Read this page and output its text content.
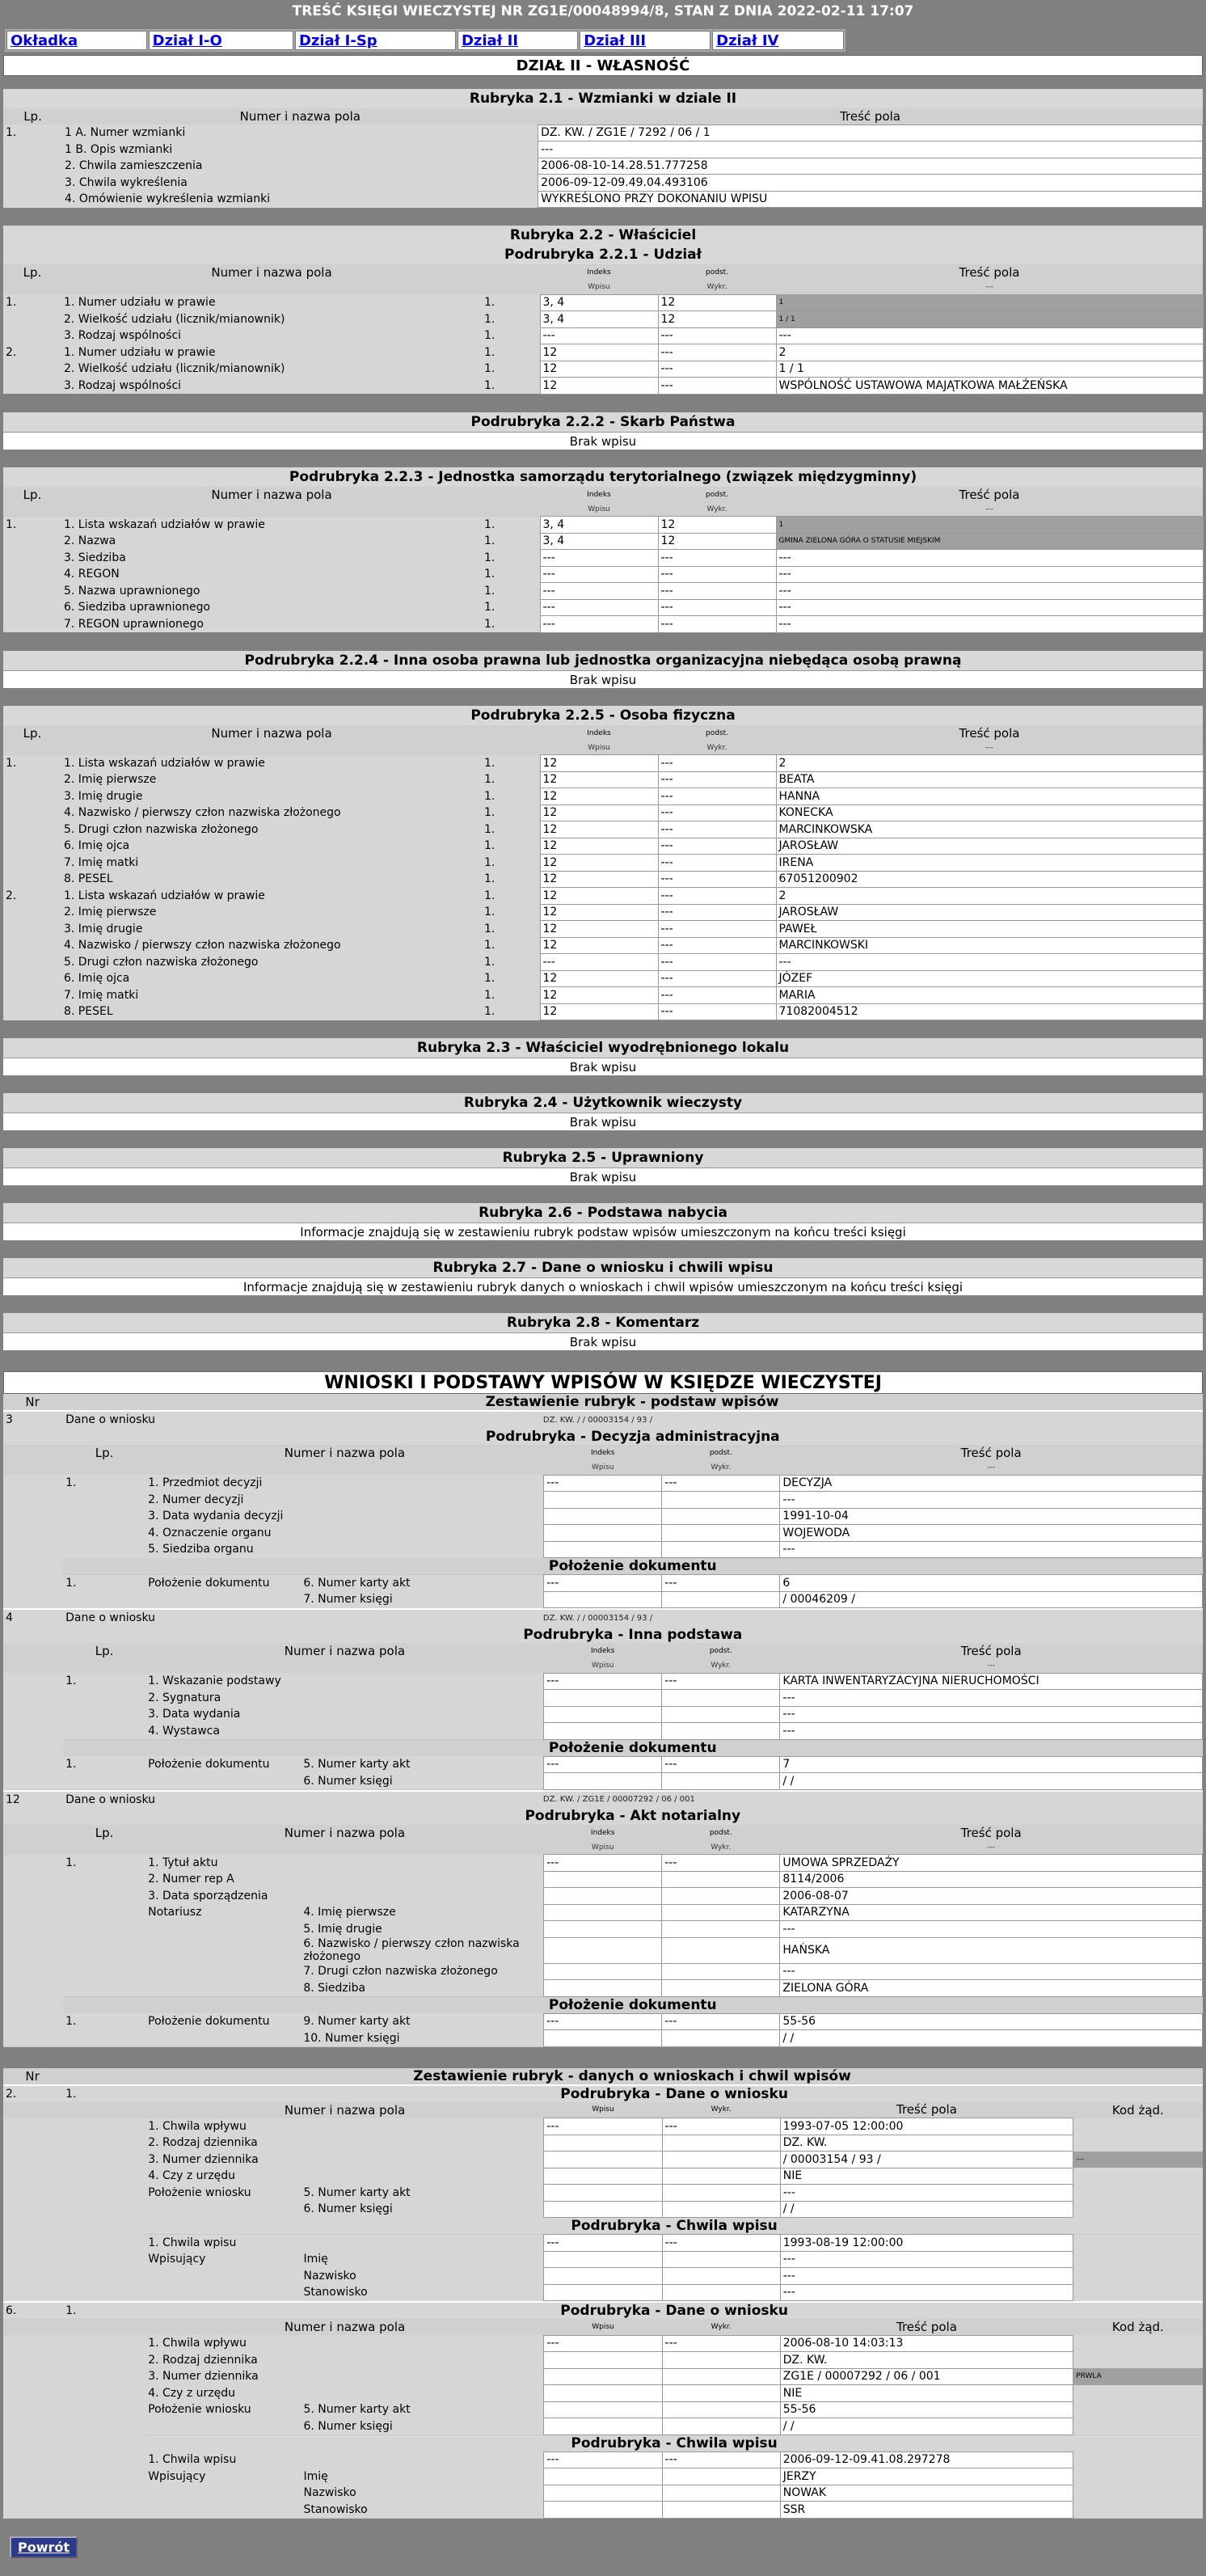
TREŚĆ KSIĘGI WIECZYSTEJ NR ZG1E/00048994/8, STAN Z DNIA 2022-02-11 17:07
Okładka	Dział I-O	Dział I-Sp	Dział II	Dział III	Dział IV
DZIAŁ II - WŁASNOŚĆ
Rubryka 2.1 - Wzmianki w dziale II
Lp.	Numer i nazwa pola	Treść pola
1.	1 A. Numer wzmianki	DZ. KW. / ZG1E / 7292 / 06 / 1
	1 B. Opis wzmianki	---
	2. Chwila zamieszczenia	2006-08-10-14.28.51.777258
	3. Chwila wykreślenia	2006-09-12-09.49.04.493106
	4. Omówienie wykreślenia wzmianki	WYKREŚLONO PRZY DOKONANIU WPISU
Rubryka 2.2 - Właściciel
Podrubryka 2.2.1 - Udział
Lp.	Numer i nazwa pola		Indeks	podst.	Treść pola
			Wpisu	Wykr.	---
1.	1. Numer udziału w prawie	1.	3, 4	12	1
	2. Wielkość udziału (licznik/mianownik)	1.	3, 4	12	1 / 1
	3. Rodzaj wspólności	1.	---	---	---
2.	1. Numer udziału w prawie	1.	12	---	2
	2. Wielkość udziału (licznik/mianownik)	1.	12	---	1 / 1
	3. Rodzaj wspólności	1.	12	---	WSPÓLNOŚĆ USTAWOWA MAJĄTKOWA MAŁŻEŃSKA
Podrubryka 2.2.2 - Skarb Państwa
Brak wpisu
Podrubryka 2.2.3 - Jednostka samorządu terytorialnego (związek międzygminny)
Lp.	Numer i nazwa pola		Indeks	podst.	Treść pola
			Wpisu	Wykr.	---
1.	1. Lista wskazań udziałów w prawie	1.	3, 4	12	1
	2. Nazwa	1.	3, 4	12	GMINA ZIELONA GÓRA O STATUSIE MIEJSKIM
	3. Siedziba	1.	---	---	---
	4. REGON	1.	---	---	---
	5. Nazwa uprawnionego	1.	---	---	---
	6. Siedziba uprawnionego	1.	---	---	---
	7. REGON uprawnionego	1.	---	---	---
Podrubryka 2.2.4 - Inna osoba prawna lub jednostka organizacyjna niebędąca osobą prawną
Brak wpisu
Podrubryka 2.2.5 - Osoba fizyczna
Lp.	Numer i nazwa pola		Indeks	podst.	Treść pola
			Wpisu	Wykr.	---
1.	1. Lista wskazań udziałów w prawie	1.	12	---	2
	2. Imię pierwsze	1.	12	---	BEATA
	3. Imię drugie	1.	12	---	HANNA
	4. Nazwisko / pierwszy człon nazwiska złożonego	1.	12	---	KONECKA
	5. Drugi człon nazwiska złożonego	1.	12	---	MARCINKOWSKA
	6. Imię ojca	1.	12	---	JAROSŁAW
	7. Imię matki	1.	12	---	IRENA
	8. PESEL	1.	12	---	67051200902
2.	1. Lista wskazań udziałów w prawie	1.	12	---	2
	2. Imię pierwsze	1.	12	---	JAROSŁAW
	3. Imię drugie	1.	12	---	PAWEŁ
	4. Nazwisko / pierwszy człon nazwiska złożonego	1.	12	---	MARCINKOWSKI
	5. Drugi człon nazwiska złożonego	1.	---	---	---
	6. Imię ojca	1.	12	---	JÓZEF
	7. Imię matki	1.	12	---	MARIA
	8. PESEL	1.	12	---	71082004512
Rubryka 2.3 - Właściciel wyodrębnionego lokalu
Brak wpisu
Rubryka 2.4 - Użytkownik wieczysty
Brak wpisu
Rubryka 2.5 - Uprawniony
Brak wpisu
Rubryka 2.6 - Podstawa nabycia
Informacje znajdują się w zestawieniu rubryk podstaw wpisów umieszczonym na końcu treści księgi
Rubryka 2.7 - Dane o wniosku i chwili wpisu
Informacje znajdują się w zestawieniu rubryk danych o wnioskach i chwil wpisów umieszczonym na końcu treści księgi
Rubryka 2.8 - Komentarz
Brak wpisu
WNIOSKI I PODSTAWY WPISÓW W KSIĘDZE WIECZYSTEJ
Nr	Zestawienie rubryk - podstaw wpisów
3	Dane o wniosku	DZ. KW. / / 00003154 / 93 /
	Podrubryka - Decyzja administracyjna					
	Lp.	Numer i nazwa pola		Indeks	podst.	Treść pola
				Wpisu	Wykr.	---
	1.	1. Przedmiot decyzji		---	---	DECYZJA
		2. Numer decyzji				---
		3. Data wydania decyzji				1991-10-04
		4. Oznaczenie organu				WOJEWODA
		5. Siedziba organu				---
	Położenie dokumentu					
	1.	Położenie dokumentu	6. Numer karty akt	---	---	6
			7. Numer księgi			/ 00046209 /
4	Dane o wniosku	DZ. KW. / / 00003154 / 93 /
	Podrubryka - Inna podstawa					
	Lp.	Numer i nazwa pola		Indeks	podst.	Treść pola
				Wpisu	Wykr.	---
	1.	1. Wskazanie podstawy		---	---	KARTA INWENTARYZACYJNA NIERUCHOMOŚCI
		2. Sygnatura				---
		3. Data wydania				---
		4. Wystawca				---
	Położenie dokumentu					
	1.	Położenie dokumentu	5. Numer karty akt	---	---	7
			6. Numer księgi			/ /
12	Dane o wniosku	DZ. KW. / ZG1E / 00007292 / 06 / 001
	Podrubryka - Akt notarialny					
	Lp.	Numer i nazwa pola		Indeks	podst.	Treść pola
				Wpisu	Wykr.	---
	1.	1. Tytuł aktu		---	---	UMOWA SPRZEDAŻY
		2. Numer rep A				8114/2006
		3. Data sporządzenia				2006-08-07
		Notariusz	4. Imię pierwsze			KATARZYNA
			5. Imię drugie			---
			6. Nazwisko / pierwszy człon nazwiska złożonego			HAŃSKA
			7. Drugi człon nazwiska złożonego			---
			8. Siedziba			ZIELONA GÓRA
	Położenie dokumentu					
	1.	Położenie dokumentu	9. Numer karty akt	---	---	55-56
			10. Numer księgi			/ /
Nr	Zestawienie rubryk - danych o wnioskach i chwil wpisów
2.	1.	Podrubryka - Dane o wniosku					
		Numer i nazwa pola		Wpisu	Wykr.	Treść pola	Kod żąd.
		1. Chwila wpływu		---	---	1993-07-05 12:00:00	
		2. Rodzaj dziennika				DZ. KW.	
		3. Numer dziennika				/ 00003154 / 93 /	---
		4. Czy z urzędu				NIE	
		Położenie wniosku	5. Numer karty akt			---	
			6. Numer księgi			/ /	
		Podrubryka - Chwila wpisu					
		1. Chwila wpisu		---	---	1993-08-19 12:00:00	
		Wpisujący	Imię			---	
			Nazwisko			---	
			Stanowisko			---	
6.	1.	Podrubryka - Dane o wniosku					
		Numer i nazwa pola		Wpisu	Wykr.	Treść pola	Kod żąd.
		1. Chwila wpływu		---	---	2006-08-10 14:03:13	
		2. Rodzaj dziennika				DZ. KW.	
		3. Numer dziennika				ZG1E / 00007292 / 06 / 001	PRWLA
		4. Czy z urzędu				NIE	
		Położenie wniosku	5. Numer karty akt			55-56	
			6. Numer księgi			/ /	
		Podrubryka - Chwila wpisu					
		1. Chwila wpisu		---	---	2006-09-12-09.41.08.297278	
		Wpisujący	Imię			JERZY	
			Nazwisko			NOWAK	
			Stanowisko			SSR	
Powrót
